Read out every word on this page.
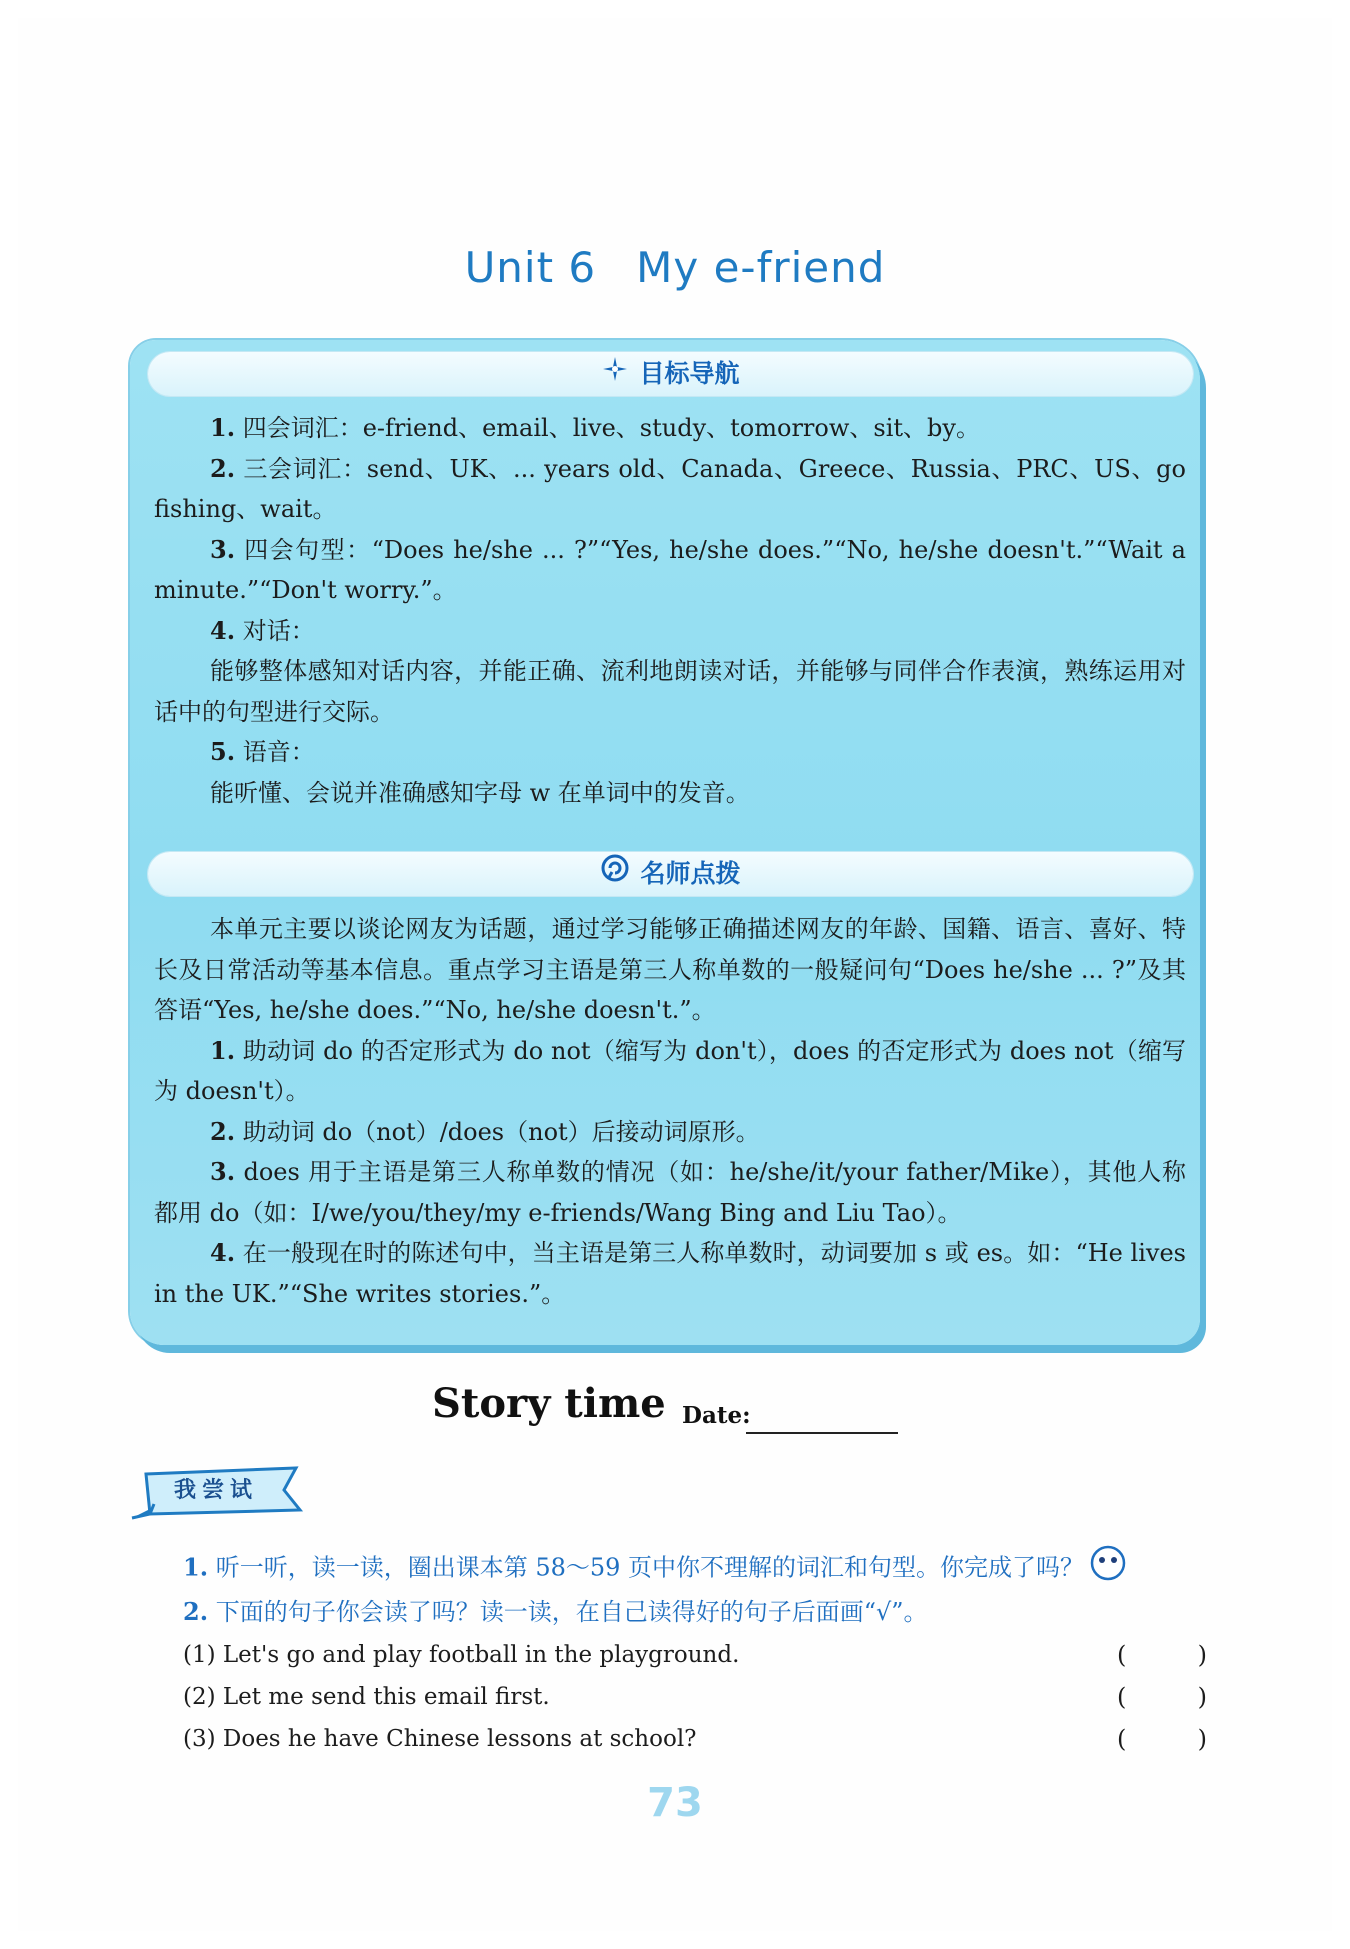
Unit 6 My e-friend
目标导航

1. 四会词汇：e-friend、email、live、study、tomorrow、sit、by。

2. 三会词汇：send、UK、... years old、Canada、Greece、Russia、PRC、US、go fishing、wait。

3. 四会句型：“Does he/she ... ?”“Yes, he/she does.”“No, he/she doesn't.”“Wait a minute.”“Don't worry.”。

4. 对话：

能够整体感知对话内容，并能正确、流利地朗读对话，并能够与同伴合作表演，熟练运用对话中的句型进行交际。

5. 语音：

能听懂、会说并准确感知字母 w 在单词中的发音。

名师点拨

本单元主要以谈论网友为话题，通过学习能够正确描述网友的年龄、国籍、语言、喜好、特长及日常活动等基本信息。重点学习主语是第三人称单数的一般疑问句“Does he/she ... ?”及其答语“Yes, he/she does.”“No, he/she doesn't.”。

1. 助动词 do 的否定形式为 do not（缩写为 don't），does 的否定形式为 does not（缩写为 doesn't）。

2. 助动词 do（not）/does（not）后接动词原形。

3. does 用于主语是第三人称单数的情况（如：he/she/it/your father/Mike），其他人称都用 do（如：I/we/you/they/my e-friends/Wang Bing and Liu Tao）。

4. 在一般现在时的陈述句中，当主语是第三人称单数时，动词要加 s 或 es。如：“He lives in the UK.”“She writes stories.”。

Story time Date:
我尝试
1. 听一听，读一读，圈出课本第 58～59 页中你不理解的词汇和句型。你完成了吗？
2. 下面的句子你会读了吗？读一读，在自己读得好的句子后面画“√”。
(1) Let's go and play football in the playground.	(	)
(2) Let me send this email first.	(	)
(3) Does he have Chinese lessons at school?	(	)
73
